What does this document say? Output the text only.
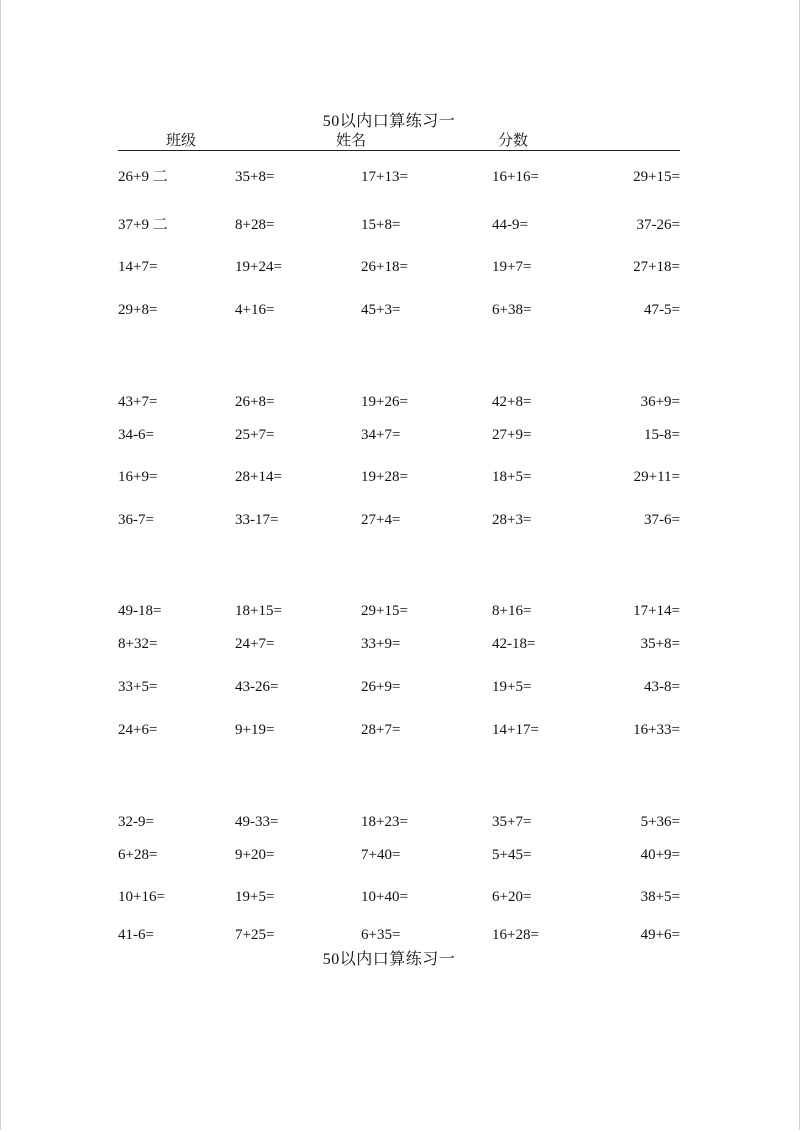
50以内口算练习一
班级	姓名	分数
26+9 二	35+8=	17+13=	16+16=	29+15=
37+9 二	8+28=	15+8=	44-9=	37-26=
14+7=	19+24=	26+18=	19+7=	27+18=
29+8=	4+16=	45+3=	6+38=	47-5=
43+7=	26+8=	19+26=	42+8=	36+9=
34-6=	25+7=	34+7=	27+9=	15-8=
16+9=	28+14=	19+28=	18+5=	29+11=
36-7=	33-17=	27+4=	28+3=	37-6=
49-18=	18+15=	29+15=	8+16=	17+14=
8+32=	24+7=	33+9=	42-18=	35+8=
33+5=	43-26=	26+9=	19+5=	43-8=
24+6=	9+19=	28+7=	14+17=	16+33=
32-9=	49-33=	18+23=	35+7=	5+36=
6+28=	9+20=	7+40=	5+45=	40+9=
10+16=	19+5=	10+40=	6+20=	38+5=
41-6=	7+25=	6+35=	16+28=	49+6=
50以内口算练习一
